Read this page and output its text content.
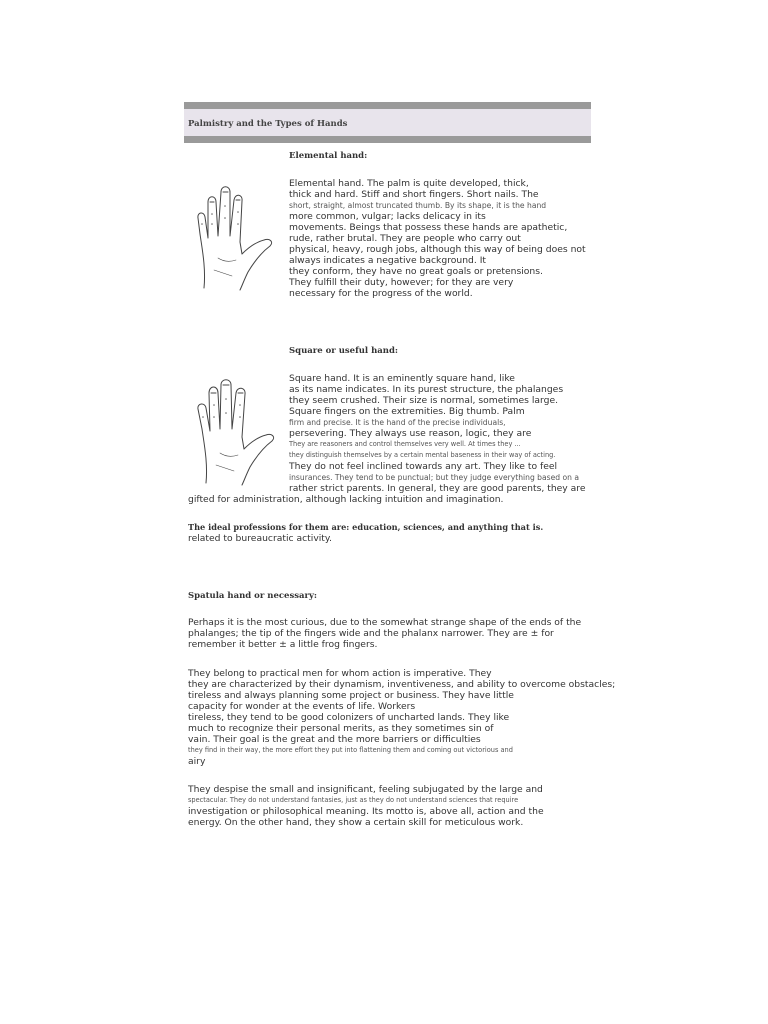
Palmistry and the Types of Hands
Elemental hand:
Elemental hand. The palm is quite developed, thick,
thick and hard. Stiff and short fingers. Short nails. The
short, straight, almost truncated thumb. By its shape, it is the hand
more common, vulgar; lacks delicacy in its
movements. Beings that possess these hands are apathetic,
rude, rather brutal. They are people who carry out
physical, heavy, rough jobs, although this way of being does not
always indicates a negative background. It
they conform, they have no great goals or pretensions.
They fulfill their duty, however; for they are very
necessary for the progress of the world.
Square or useful hand:
Square hand. It is an eminently square hand, like
as its name indicates. In its purest structure, the phalanges
they seem crushed. Their size is normal, sometimes large.
Square fingers on the extremities. Big thumb. Palm
firm and precise. It is the hand of the precise individuals,
persevering. They always use reason, logic, they are
They are reasoners and control themselves very well. At times they ...
they distinguish themselves by a certain mental baseness in their way of acting.
They do not feel inclined towards any art. They like to feel
insurances. They tend to be punctual; but they judge everything based on a
rather strict parents. In general, they are good parents, they are
gifted for administration, although lacking intuition and imagination.
The ideal professions for them are: education, sciences, and anything that is.
related to bureaucratic activity.
Spatula hand or necessary:
Perhaps it is the most curious, due to the somewhat strange shape of the ends of the
phalanges; the tip of the fingers wide and the phalanx narrower. They are ± for
remember it better ± a little frog fingers.
They belong to practical men for whom action is imperative. They
they are characterized by their dynamism, inventiveness, and ability to overcome obstacles;
tireless and always planning some project or business. They have little
capacity for wonder at the events of life. Workers
tireless, they tend to be good colonizers of uncharted lands. They like
much to recognize their personal merits, as they sometimes sin of
vain. Their goal is the great and the more barriers or difficulties
they find in their way, the more effort they put into flattening them and coming out victorious and
airy
They despise the small and insignificant, feeling subjugated by the large and
spectacular. They do not understand fantasies, just as they do not understand sciences that require
investigation or philosophical meaning. Its motto is, above all, action and the
energy. On the other hand, they show a certain skill for meticulous work.
